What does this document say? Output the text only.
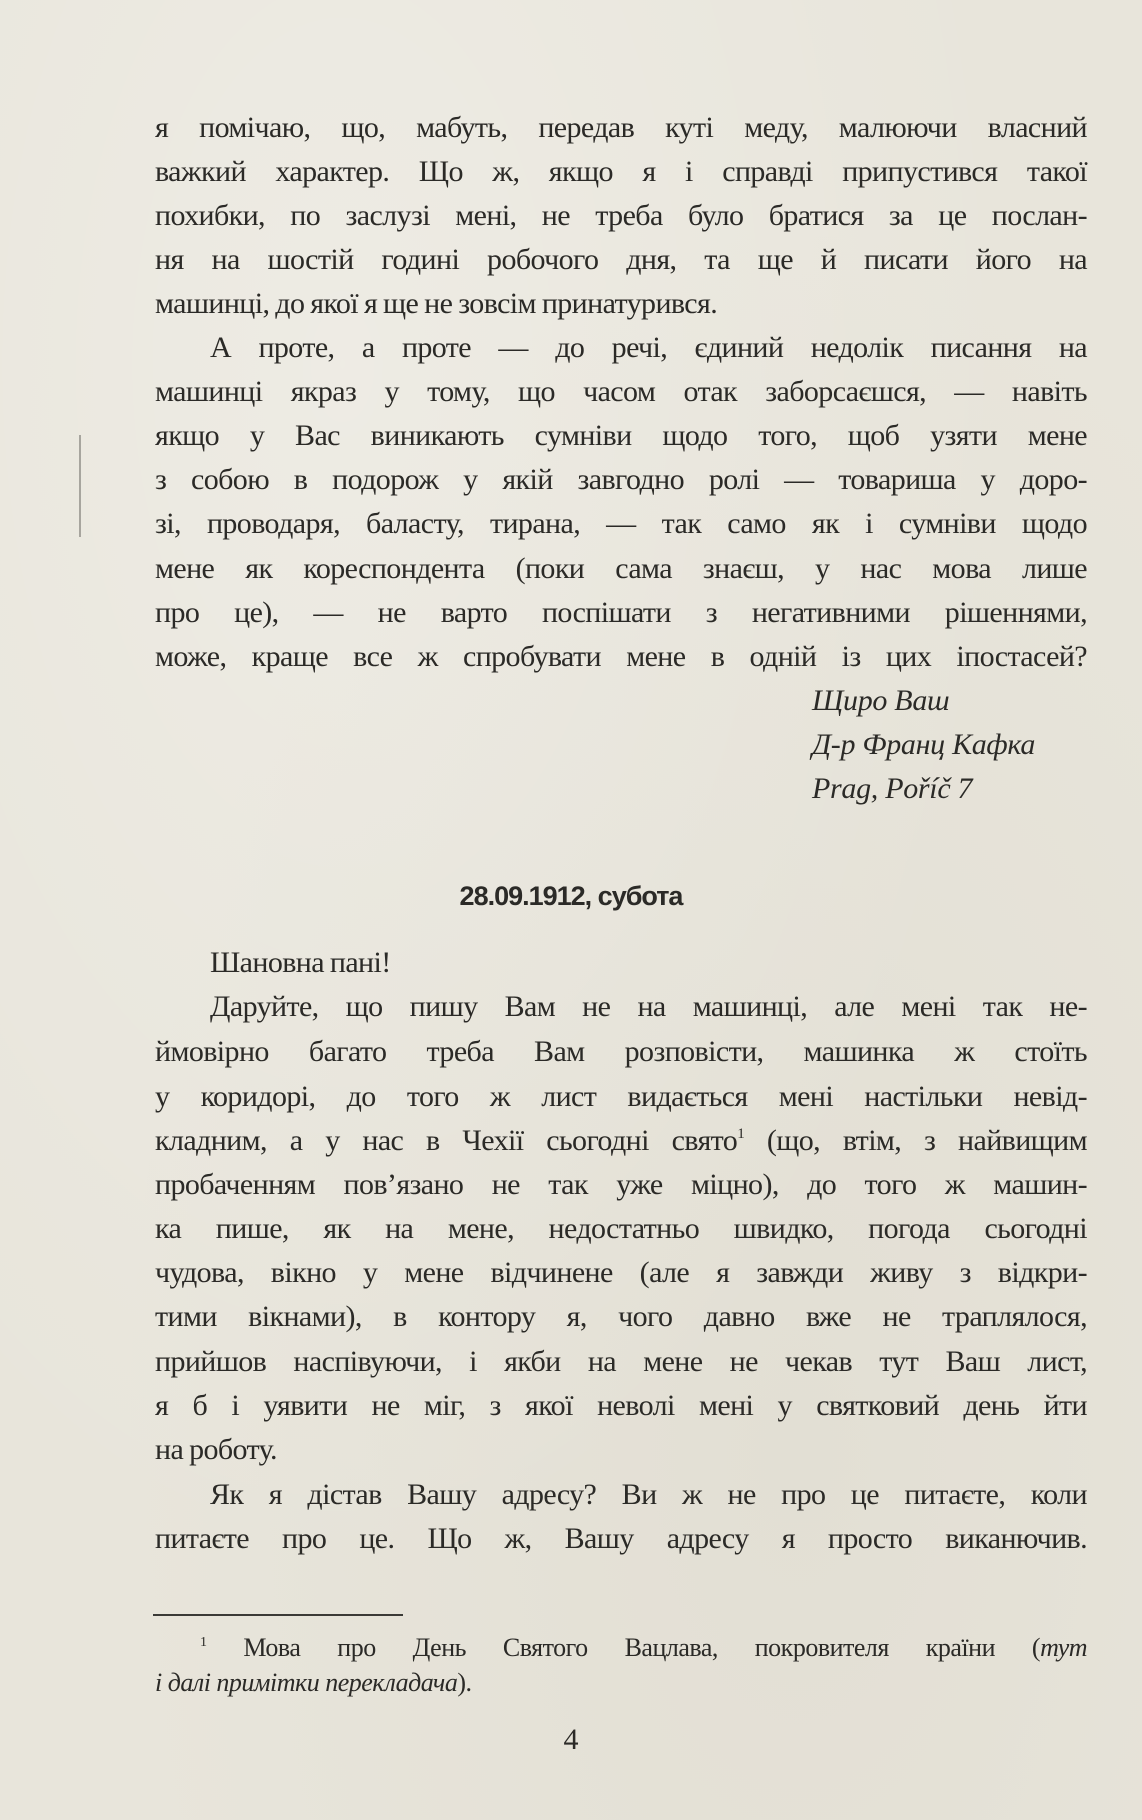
я помічаю, що, мабуть, передав куті меду, малюючи власний
важкий характер. Що ж, якщо я і справді припустився такої
похибки, по заслузі мені, не треба було братися за це послан-
ня на шостій годині робочого дня, та ще й писати його на
машинці, до якої я ще не зовсім принатурився.
А проте, а проте — до речі, єдиний недолік писання на
машинці якраз у тому, що часом отак заборсаєшся, — навіть
якщо у Вас виникають сумніви щодо того, щоб узяти мене
з собою в подорож у якій завгодно ролі — товариша у доро-
зі, проводаря, баласту, тирана, — так само як і сумніви щодо
мене як кореспондента (поки сама знаєш, у нас мова лише
про це), — не варто поспішати з негативними рішеннями,
може, краще все ж спробувати мене в одній із цих іпостасей?
Щиро Ваш
Д-р Франц Кафка
Prag, Poříč 7
28.09.1912, субота
Шановна пані!
Даруйте, що пишу Вам не на машинці, але мені так не-
ймовірно багато треба Вам розповісти, машинка ж стоїть
у коридорі, до того ж лист видається мені настільки невід-
кладним, а у нас в Чехії сьогодні свято$^1$ (що, втім, з найвищим
пробаченням пов’язано не так уже міцно), до того ж машин-
ка пише, як на мене, недостатньо швидко, погода сьогодні
чудова, вікно у мене відчинене (але я завжди живу з відкри-
тими вікнами), в контору я, чого давно вже не траплялося,
прийшов наспівуючи, і якби на мене не чекав тут Ваш лист,
я б і уявити не міг, з якої неволі мені у святковий день йти
на роботу.
Як я дістав Вашу адресу? Ви ж не про це питаєте, коли
питаєте про це. Що ж, Вашу адресу я просто виканючив.
$^1$ Мова про День Святого Вацлава, покровителя країни (тут
і далі примітки перекладача).
4
